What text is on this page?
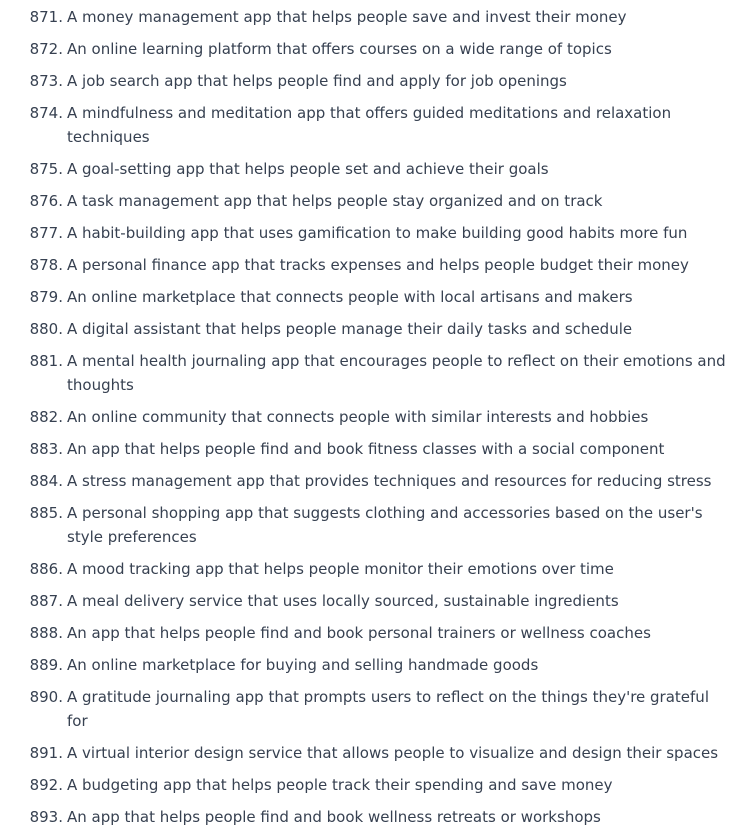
871. A money management app that helps people save and invest their money
872. An online learning platform that offers courses on a wide range of topics
873. A job search app that helps people find and apply for job openings
874. A mindfulness and meditation app that offers guided meditations and relaxation techniques
875. A goal-setting app that helps people set and achieve their goals
876. A task management app that helps people stay organized and on track
877. A habit-building app that uses gamification to make building good habits more fun
878. A personal finance app that tracks expenses and helps people budget their money
879. An online marketplace that connects people with local artisans and makers
880. A digital assistant that helps people manage their daily tasks and schedule
881. A mental health journaling app that encourages people to reflect on their emotions and thoughts
882. An online community that connects people with similar interests and hobbies
883. An app that helps people find and book fitness classes with a social component
884. A stress management app that provides techniques and resources for reducing stress
885. A personal shopping app that suggests clothing and accessories based on the user's style preferences
886. A mood tracking app that helps people monitor their emotions over time
887. A meal delivery service that uses locally sourced, sustainable ingredients
888. An app that helps people find and book personal trainers or wellness coaches
889. An online marketplace for buying and selling handmade goods
890. A gratitude journaling app that prompts users to reflect on the things they're grateful for
891. A virtual interior design service that allows people to visualize and design their spaces
892. A budgeting app that helps people track their spending and save money
893. An app that helps people find and book wellness retreats or workshops
